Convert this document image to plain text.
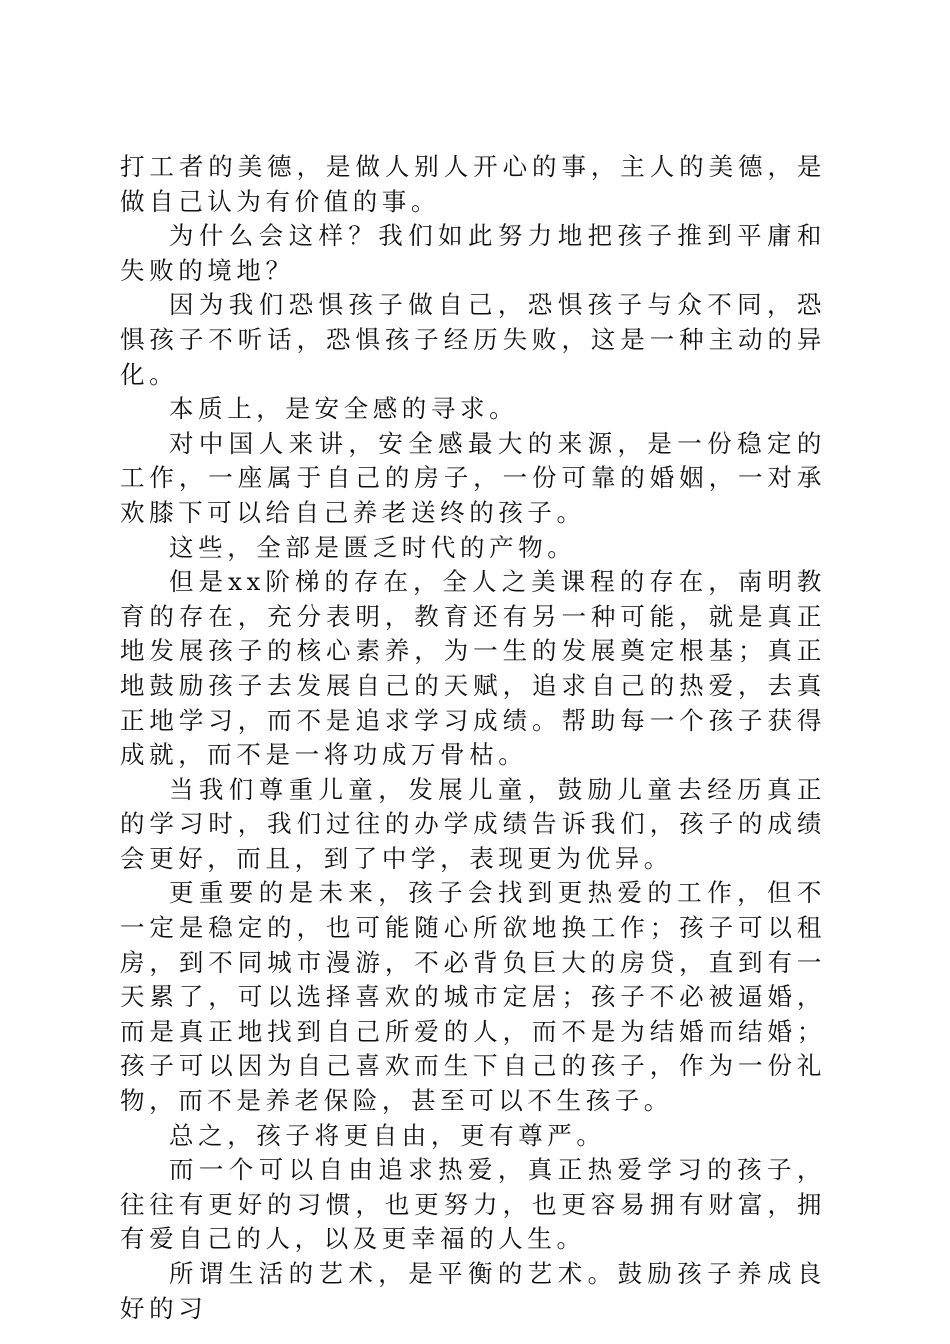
打工者的美德，是做人别人开心的事，主人的美德，是做自己认为有价值的事。

为什么会这样？我们如此努力地把孩子推到平庸和失败的境地？

因为我们恐惧孩子做自己，恐惧孩子与众不同，恐惧孩子不听话，恐惧孩子经历失败，这是一种主动的异化。

本质上，是安全感的寻求。

对中国人来讲，安全感最大的来源，是一份稳定的工作，一座属于自己的房子，一份可靠的婚姻，一对承欢膝下可以给自己养老送终的孩子。

这些，全部是匮乏时代的产物。

但是xx阶梯的存在，全人之美课程的存在，南明教育的存在，充分表明，教育还有另一种可能，就是真正地发展孩子的核心素养，为一生的发展奠定根基；真正地鼓励孩子去发展自己的天赋，追求自己的热爱，去真正地学习，而不是追求学习成绩。帮助每一个孩子获得成就，而不是一将功成万骨枯。

当我们尊重儿童，发展儿童，鼓励儿童去经历真正的学习时，我们过往的办学成绩告诉我们，孩子的成绩会更好，而且，到了中学，表现更为优异。

更重要的是未来，孩子会找到更热爱的工作，但不一定是稳定的，也可能随心所欲地换工作；孩子可以租房，到不同城市漫游，不必背负巨大的房贷，直到有一天累了，可以选择喜欢的城市定居；孩子不必被逼婚，而是真正地找到自己所爱的人，而不是为结婚而结婚；孩子可以因为自己喜欢而生下自己的孩子，作为一份礼物，而不是养老保险，甚至可以不生孩子。

总之，孩子将更自由，更有尊严。

而一个可以自由追求热爱，真正热爱学习的孩子，往往有更好的习惯，也更努力，也更容易拥有财富，拥有爱自己的人，以及更幸福的人生。

所谓生活的艺术，是平衡的艺术。鼓励孩子养成良好的习
